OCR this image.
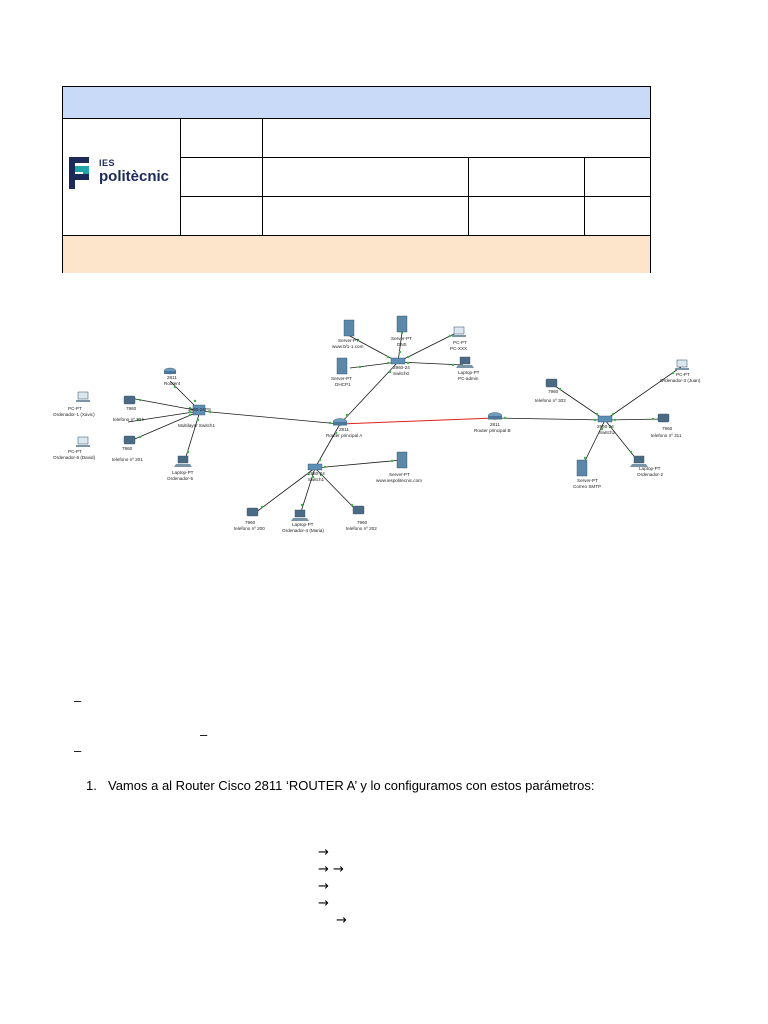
IES
politècnic
Server-PT
www.0/1-1.com
Server-PT
DNS	PC-PT
PC-XXX
Server-PT
DHCP1
2960-24
Switch0	Laptop-PT
PC-admin
2811
Router4
PC-PT
Ordenador-1 (Xavic)
7960
telefono nº 204
PC-PT
Ordenador-6 (David)
7960
telefono nº 201
3560-24PS
Multilayer Switch1
Laptop-PT
Ordenador-5
2811
Router principal A
2811
Router principal B
2960-24
Switch1
Server-PT
www.iespolitecnic.com
7960
telefono nº 200
Laptop-PT
Ordenador-4 (Maria)
7960
telefono nº 202
7960
telefono nº 302
PC-PT
Ordenador-3 (Juan)
2960-24
Switch2
7960
telefono nº 311
Laptop-PT
Ordenador-2
Server-PT
Correo SMTP
–
–
–
1. Vamos a al Router Cisco 2811 ‘ROUTER A’ y lo configuramos con estos parámetros:
→
→ →
→
→
→
